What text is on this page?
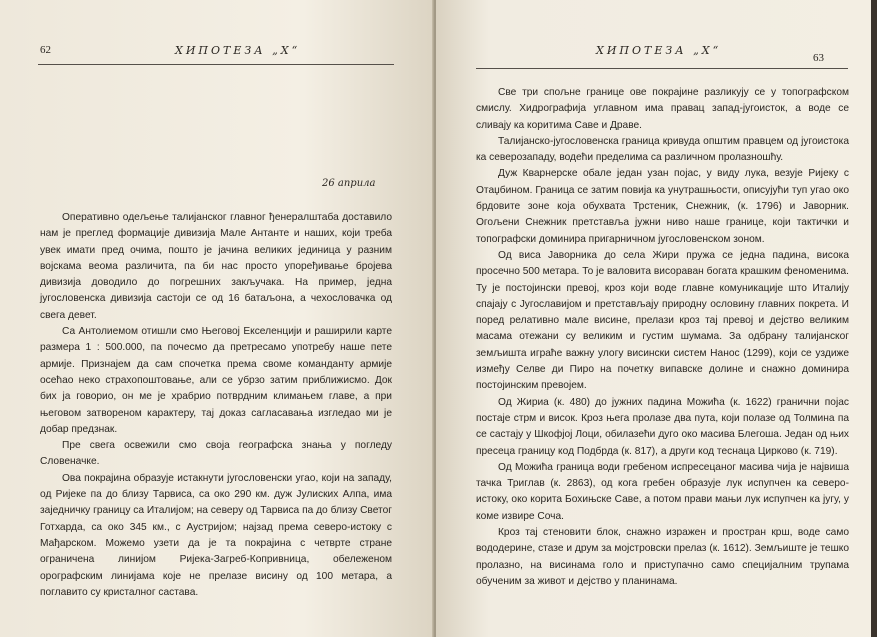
62	ХИПОТЕЗА „X“
26 априла

Оперативно одељење талијанског главног ђенералштаба доставило нам је преглед формације дивизија Мале Антанте и наших, који треба увек имати пред очима, пошто је јачина великих јединица у разним војскама веома различита, па би нас просто упоређивање бројева дивизија доводило до погрешних закључака. На пример, једна југословенска дивизија састоји се од 16 батаљона, а чехословачка од свега девет.

Са Антолиемом отишли смо Његовој Екселенцији и раширили карте размера 1 : 500.000, па почесмо да претресамо употребу наше пете армије. Признајем да сам спочетка према своме команданту армије осећао неко страхопоштовање, али се убрзо затим приближисмо. Док бих ја говорио, он ме је храбрио потврдним климањем главе, а при његовом затвореном карактеру, тај доказ сагласавања изгледао ми је добар предзнак.

Пре свега освежили смо своја географска знања у погледу Словеначке.

Ова покрајина образује истакнути југословенски угао, који на западу, од Ријеке па до близу Тарвиса, са око 290 км. дуж Јулиских Алпа, има заједничку границу са Италијом; на северу од Тарвиса па до близу Светог Готхарда, са око 345 км., с Аустријом; најзад према северо-истоку с Мађарском. Можемо узети да је та покрајина с четврте стране ограничена линијом Ријека-Загреб-Копривница, обележеном орографским линијама које не прелазе висину од 100 метара, а поглавито су кристалног састава.

ХИПОТЕЗА „X“
63

Све три спољне границе ове покрајине разликују се у топографском смислу. Хидрографија углавном има правац запад-југоисток, а воде се сливају ка коритима Саве и Драве.

Талијанско-југословенска граница кривуда општим правцем од југоистока ка северозападу, водећи пределима са различном пролазношћу.

Дуж Кварнерске обале један узан појас, у виду лука, везује Ријеку с Отаџбином. Граница се затим повија ка унутрашњости, описујући туп угао око брдовите зоне која обухвата Трстеник, Снежник, (к. 1796) и Јаворник. Огољени Снежник претставља јужни ниво наше границе, који тактички и топографски доминира пригарничном југословенском зоном.

Од виса Јаворника до села Жири пружа се једна падина, висока просечно 500 метара. То је валовита висораван богата крашким феноменима. Ту је постојински превој, кроз који воде главне комуникације што Италију спајају с Југославијом и претстављају природну ословину главних покрета. И поред релативно мале висине, прелази кроз тај превој и дејство великим масама отежани су великим и густим шумама. За одбрану талијанског земљишта играће важну улогу висински систем Нанос (1299), који се уздиже између Селве ди Пиро на почетку випавске долине и снажно доминира постојинским превојем.

Од Жириа (к. 480) до јужних падина Можића (к. 1622) гранични појас постаје стрм и висок. Кроз њега пролазе два пута, који полазе од Толмина па се састају у Шкофјој Лоци, обилазећи дуго око масива Блегоша. Један од њих пресеца границу код Подбрда (к. 817), а други код теснаца Цирково (к. 719).

Од Можића граница води гребеном испресецаног масива чија је највиша тачка Триглав (к. 2863), од кога гребен образује лук испупчен ка северо-истоку, око корита Бохињске Саве, а потом прави мањи лук испупчен ка југу, у коме извире Соча.

Кроз тај стеновити блок, снажно изражен и простран крш, воде само вододерине, стазе и друм за мојстровски прелаз (к. 1612). Земљиште је тешко пролазно, на висинама голо и приступачно само специјалним трупама обученим за живот и дејство у планинама.
